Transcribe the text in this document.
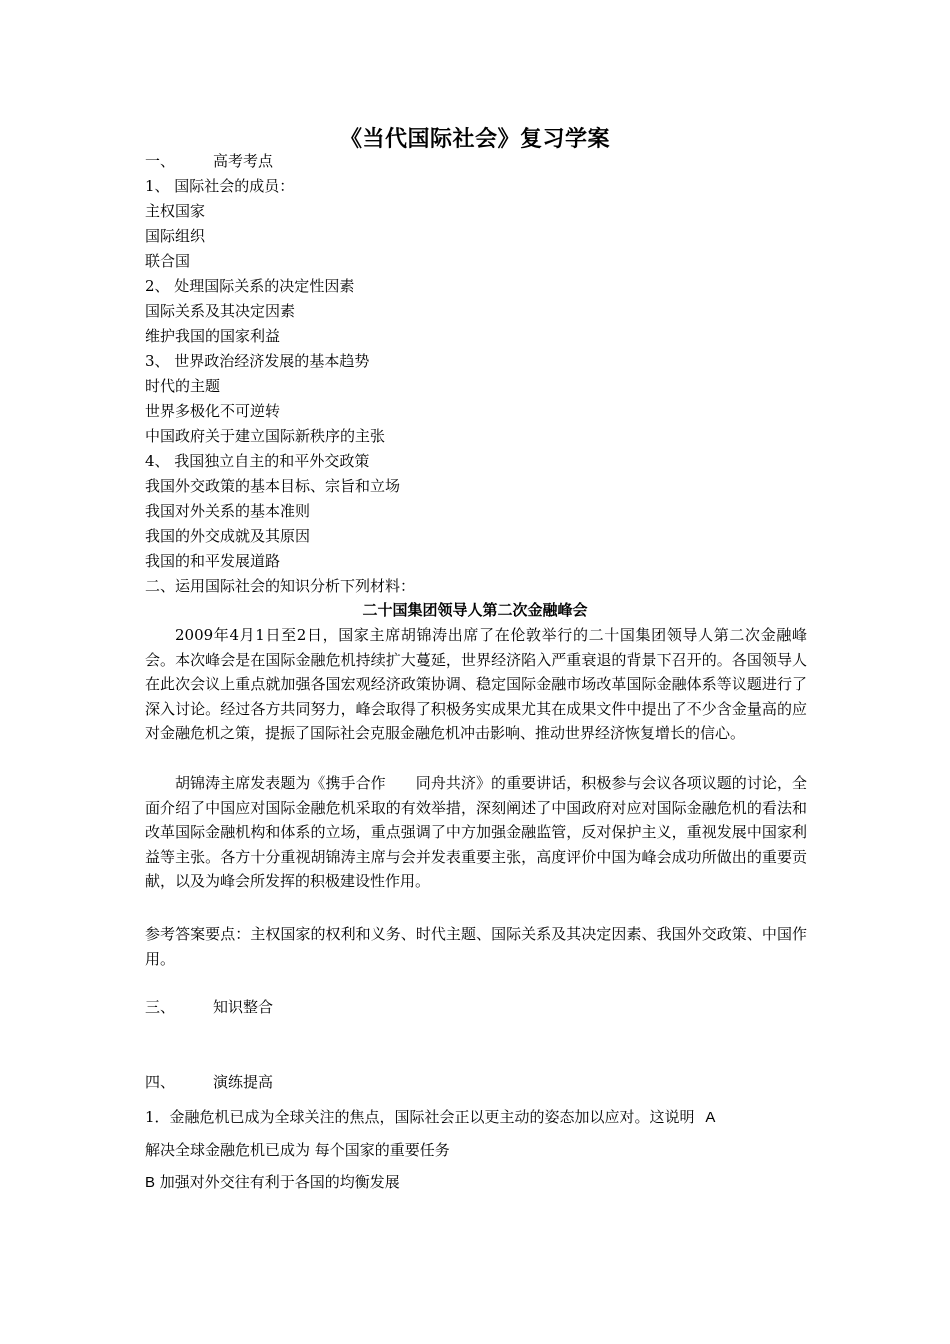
《当代国际社会》复习学案
一、	高考考点
1、 国际社会的成员：
主权国家
国际组织
联合国
2、 处理国际关系的决定性因素
国际关系及其决定因素
维护我国的国家利益
3、 世界政治经济发展的基本趋势
时代的主题
世界多极化不可逆转
中国政府关于建立国际新秩序的主张
4、 我国独立自主的和平外交政策
我国外交政策的基本目标、宗旨和立场
我国对外关系的基本准则
我国的外交成就及其原因
我国的和平发展道路
二、运用国际社会的知识分析下列材料：
二十国集团领导人第二次金融峰会
2009年4月1日至2日，国家主席胡锦涛出席了在伦敦举行的二十国集团领导人第二次金融峰会。本次峰会是在国际金融危机持续扩大蔓延，世界经济陷入严重衰退的背景下召开的。各国领导人在此次会议上重点就加强各国宏观经济政策协调、稳定国际金融市场改革国际金融体系等议题进行了深入讨论。经过各方共同努力，峰会取得了积极务实成果尤其在成果文件中提出了不少含金量高的应对金融危机之策，提振了国际社会克服金融危机冲击影响、推动世界经济恢复增长的信心。
胡锦涛主席发表题为《携手合作　　同舟共济》的重要讲话，积极参与会议各项议题的讨论，全面介绍了中国应对国际金融危机采取的有效举措，深刻阐述了中国政府对应对国际金融危机的看法和改革国际金融机构和体系的立场，重点强调了中方加强金融监管，反对保护主义，重视发展中国家利益等主张。各方十分重视胡锦涛主席与会并发表重要主张，高度评价中国为峰会成功所做出的重要贡献，以及为峰会所发挥的积极建设性作用。
参考答案要点：主权国家的权利和义务、时代主题、国际关系及其决定因素、我国外交政策、中国作用。
三、	知识整合
四、	演练提高
1．金融危机已成为全球关注的焦点，国际社会正以更主动的姿态加以应对。这说明 A
解决全球金融危机已成为 每个国家的重要任务
B 加强对外交往有利于各国的均衡发展
